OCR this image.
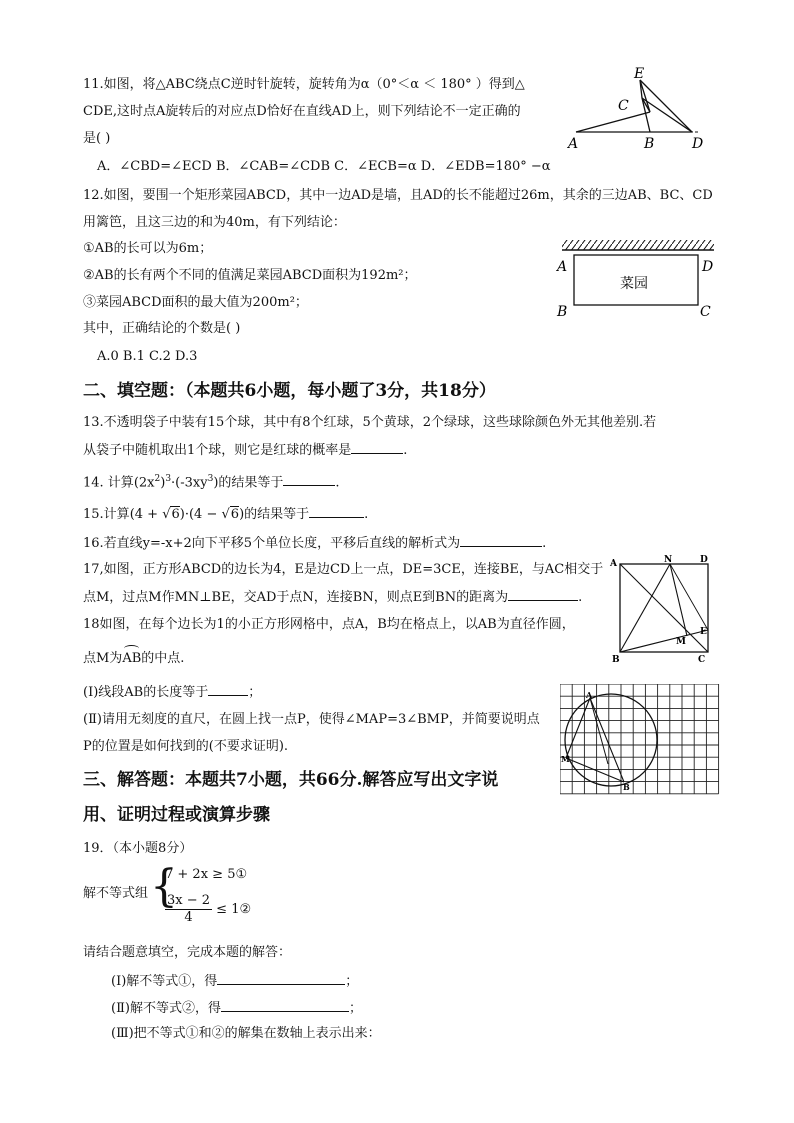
11.如图，将△ABC绕点C逆时针旋转，旋转角为α（0°＜α ＜ 180° ）得到△
CDE,这时点A旋转后的对应点D恰好在直线AD上，则下列结论不一定正确的
是( )
A．∠CBD=∠ECD B．∠CAB=∠CDB C．∠ECB=α D．∠EDB=180° −α
A	B
C
D
E
12.如图，要围一个矩形菜园ABCD，其中一边AD是墙，且AD的长不能超过26m，其余的三边AB、BC、CD
用篱笆，且这三边的和为40m，有下列结论：
①AB的长可以为6m；
②AB的长有两个不同的值满足菜园ABCD面积为192m²；
③菜园ABCD面积的最大值为200m²；
其中，正确结论的个数是( )
A.0 B.1 C.2 D.3
菜园
A	D
B	C
二、填空题：（本题共6小题，每小题了3分，共18分）
13.不透明袋子中装有15个球，其中有8个红球，5个黄球，2个绿球，这些球除颜色外无其他差别.若
从袋子中随机取出1个球，则它是红球的概率是	.
14. 计算$(2x^2)^3\cdot(-3xy^3)$的结果等于	.
15.计算(4 + √6)·(4 − √6)的结果等于	.
16.若直线y=-x+2向下平移5个单位长度，平移后直线的解析式为	.
17,如图，正方形ABCD的边长为4，E是边CD上一点，DE=3CE，连接BE，与AC相交于
点M，过点M作MN⊥BE，交AD于点N，连接BN，则点E到BN的距离为	.
A	N	D
E
M
B	C
18如图，在每个边长为1的小正方形网格中，点A，B均在格点上，以AB为直径作圆，
点M为AB的中点.
(Ⅰ)线段AB的长度等于	；
(Ⅱ)请用无刻度的直尺，在圆上找一点P，使得∠MAP=3∠BMP，并简要说明点
P的位置是如何找到的(不要求证明).
A
M
B
三、解答题：本题共7小题，共66分.解答应写出文字说
用、证明过程或演算步骤
19．（本小题8分）
解不等式组 {
7 + 2x ≥ 5①
$\frac{3x - 2}{4}$ ≤ 1②
请结合题意填空，完成本题的解答：
(Ⅰ)解不等式①，得	；
(Ⅱ)解不等式②，得	；
(Ⅲ)把不等式①和②的解集在数轴上表示出来：
